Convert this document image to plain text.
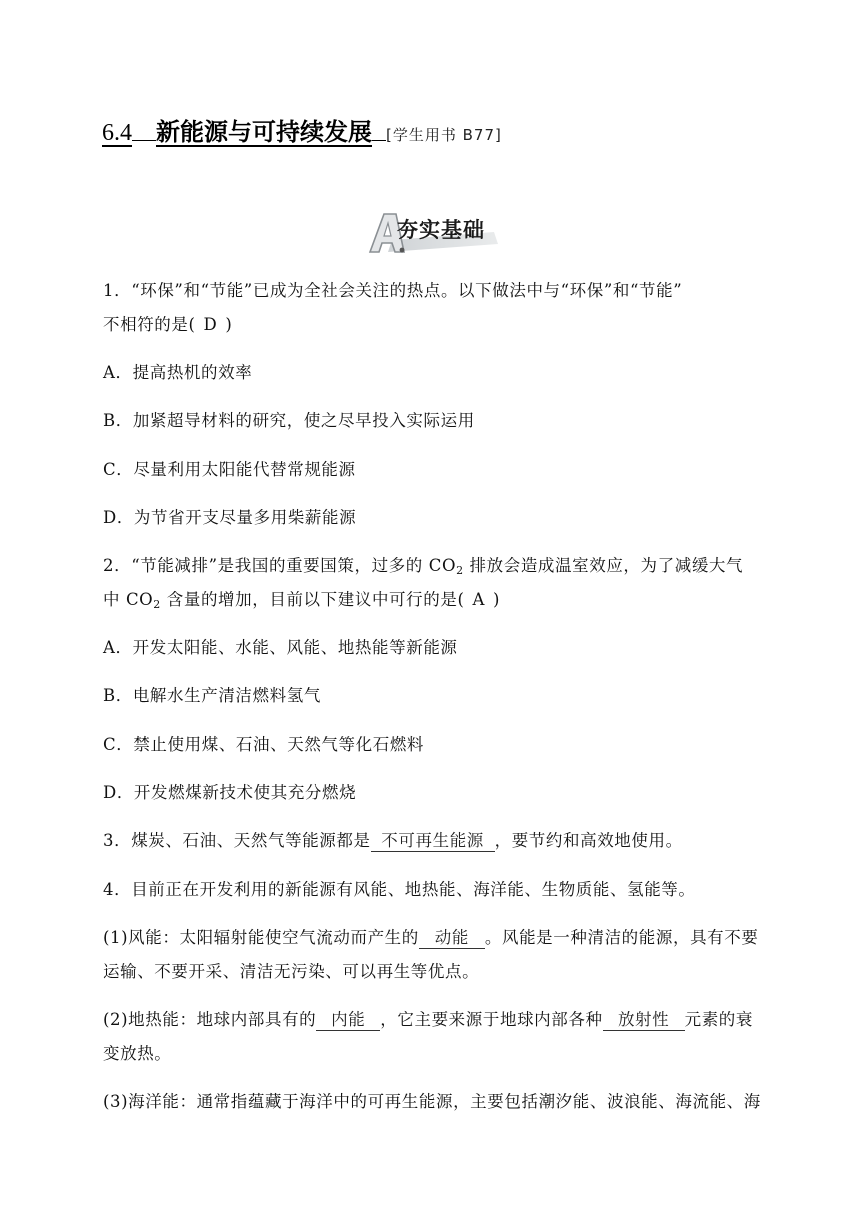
6.4 新能源与可持续发展 [学生用书 B77]
夯实基础
1．“环保”和“节能”已成为全社会关注的热点。以下做法中与“环保”和“节能”
不相符的是( D )
A．提高热机的效率
B．加紧超导材料的研究，使之尽早投入实际运用
C．尽量利用太阳能代替常规能源
D．为节省开支尽量多用柴薪能源
2．“节能减排”是我国的重要国策，过多的 $CO_2$ 排放会造成温室效应，为了减缓大气
中 $CO_2$ 含量的增加，目前以下建议中可行的是( A )
A．开发太阳能、水能、风能、地热能等新能源
B．电解水生产清洁燃料氢气
C．禁止使用煤、石油、天然气等化石燃料
D．开发燃煤新技术使其充分燃烧
3．煤炭、石油、天然气等能源都是 不可再生能源 ，要节约和高效地使用。
4．目前正在开发利用的新能源有风能、地热能、海洋能、生物质能、氢能等。
(1)风能：太阳辐射能使空气流动而产生的 动能 。风能是一种清洁的能源，具有不要
运输、不要开采、清洁无污染、可以再生等优点。
(2)地热能：地球内部具有的 内能 ，它主要来源于地球内部各种 放射性 元素的衰
变放热。
(3)海洋能：通常指蕴藏于海洋中的可再生能源，主要包括潮汐能、波浪能、海流能、海
